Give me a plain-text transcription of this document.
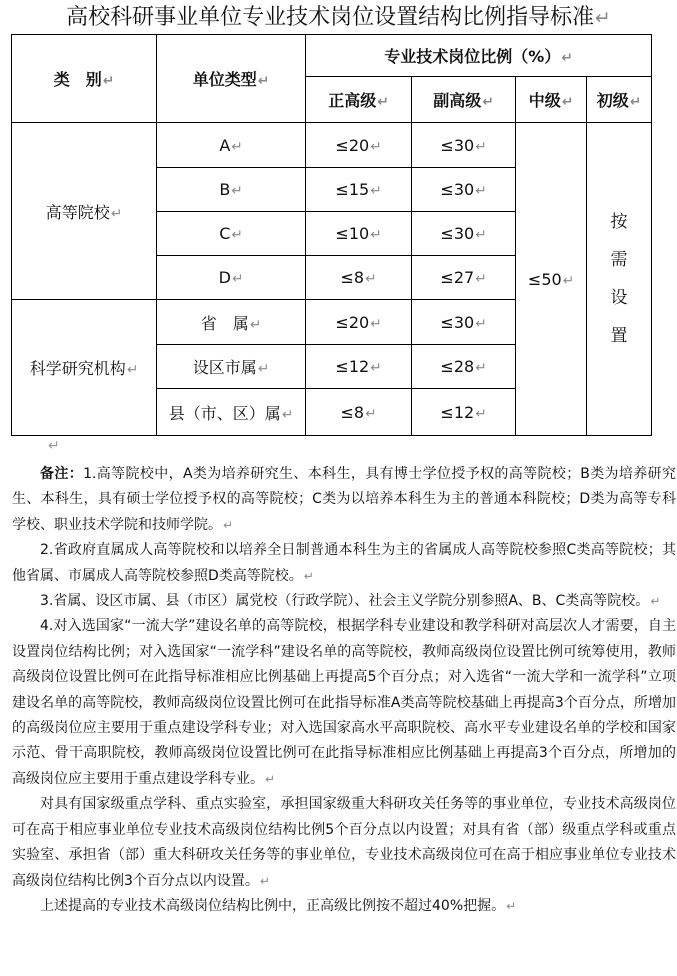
高校科研事业单位专业技术岗位设置结构比例指导标准↵
类　别↵	单位类型↵	专业技术岗位比例（%）↵			
		正高级↵	副高级↵	中级↵	初级↵
高等院校↵	A↵	≤20↵	≤30↵	≤50↵	按需设置
	B↵	≤15↵	≤30↵		
	C↵	≤10↵	≤30↵		
	D↵	≤8↵	≤27↵		
科学研究机构↵	省　属↵	≤20↵	≤30↵		
	设区市属↵	≤12↵	≤28↵		
	县（市、区）属↵	≤8↵	≤12↵		
↵

备注：1.高等院校中，A类为培养研究生、本科生，具有博士学位授予权的高等院校；B类为培养研究生、本科生，具有硕士学位授予权的高等院校；C类为以培养本科生为主的普通本科院校；D类为高等专科学校、职业技术学院和技师学院。↵

2.省政府直属成人高等院校和以培养全日制普通本科生为主的省属成人高等院校参照C类高等院校；其他省属、市属成人高等院校参照D类高等院校。↵

3.省属、设区市属、县（市区）属党校（行政学院）、社会主义学院分别参照A、B、C类高等院校。↵

4.对入选国家“一流大学”建设名单的高等院校，根据学科专业建设和教学科研对高层次人才需要，自主设置岗位结构比例；对入选国家“一流学科”建设名单的高等院校，教师高级岗位设置比例可统筹使用，教师高级岗位设置比例可在此指导标准相应比例基础上再提高5个百分点；对入选省“一流大学和一流学科”立项建设名单的高等院校，教师高级岗位设置比例可在此指导标准A类高等院校基础上再提高3个百分点，所增加的高级岗位应主要用于重点建设学科专业；对入选国家高水平高职院校、高水平专业建设名单的学校和国家示范、骨干高职院校，教师高级岗位设置比例可在此指导标准相应比例基础上再提高3个百分点，所增加的高级岗位应主要用于重点建设学科专业。↵

对具有国家级重点学科、重点实验室，承担国家级重大科研攻关任务等的事业单位，专业技术高级岗位可在高于相应事业单位专业技术高级岗位结构比例5个百分点以内设置；对具有省（部）级重点学科或重点实验室、承担省（部）重大科研攻关任务等的事业单位，专业技术高级岗位可在高于相应事业单位专业技术高级岗位结构比例3个百分点以内设置。↵

上述提高的专业技术高级岗位结构比例中，正高级比例按不超过40%把握。↵
